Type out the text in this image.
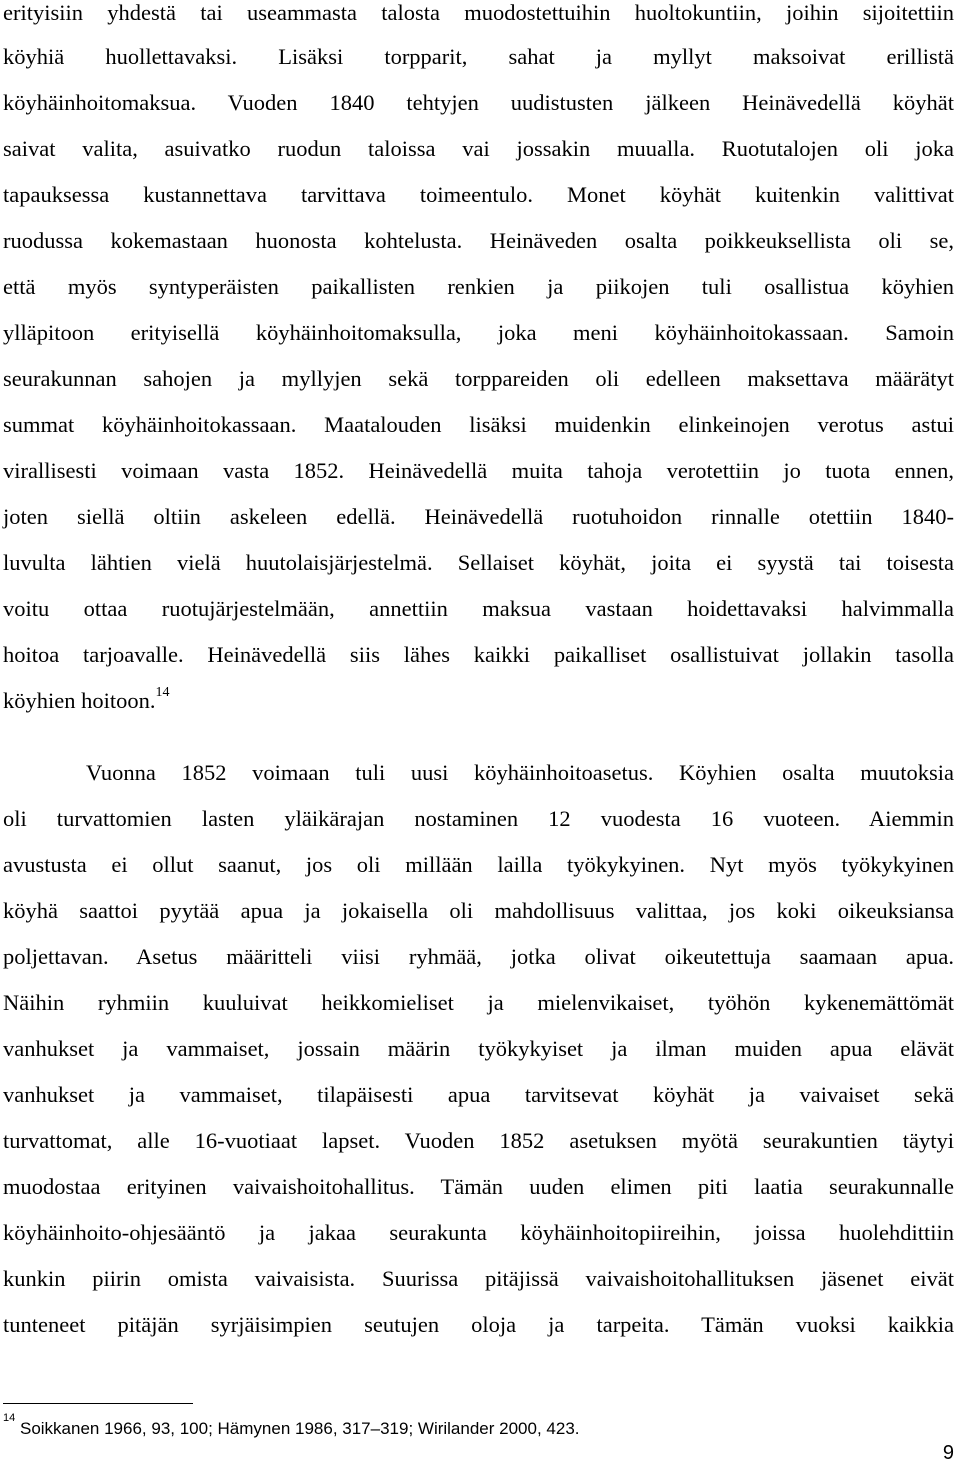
erityisiin yhdestä tai useammasta talosta muodostettuihin huoltokuntiin, joihin sijoitettiin
köyhiä huollettavaksi. Lisäksi torpparit, sahat ja myllyt maksoivat erillistä
köyhäinhoitomaksua. Vuoden 1840 tehtyjen uudistusten jälkeen Heinävedellä köyhät
saivat valita, asuivatko ruodun taloissa vai jossakin muualla. Ruotutalojen oli joka
tapauksessa kustannettava tarvittava toimeentulo. Monet köyhät kuitenkin valittivat
ruodussa kokemastaan huonosta kohtelusta. Heinäveden osalta poikkeuksellista oli se,
että myös syntyperäisten paikallisten renkien ja piikojen tuli osallistua köyhien
ylläpitoon erityisellä köyhäinhoitomaksulla, joka meni köyhäinhoitokassaan. Samoin
seurakunnan sahojen ja myllyjen sekä torppareiden oli edelleen maksettava määrätyt
summat köyhäinhoitokassaan. Maatalouden lisäksi muidenkin elinkeinojen verotus astui
virallisesti voimaan vasta 1852. Heinävedellä muita tahoja verotettiin jo tuota ennen,
joten siellä oltiin askeleen edellä. Heinävedellä ruotuhoidon rinnalle otettiin 1840-
luvulta lähtien vielä huutolaisjärjestelmä. Sellaiset köyhät, joita ei syystä tai toisesta
voitu ottaa ruotujärjestelmään, annettiin maksua vastaan hoidettavaksi halvimmalla
hoitoa tarjoavalle. Heinävedellä siis lähes kaikki paikalliset osallistuivat jollakin tasolla
köyhien hoitoon.$^{14}$
Vuonna 1852 voimaan tuli uusi köyhäinhoitoasetus. Köyhien osalta muutoksia
oli turvattomien lasten yläikärajan nostaminen 12 vuodesta 16 vuoteen. Aiemmin
avustusta ei ollut saanut, jos oli millään lailla työkykyinen. Nyt myös työkykyinen
köyhä saattoi pyytää apua ja jokaisella oli mahdollisuus valittaa, jos koki oikeuksiansa
poljettavan. Asetus määritteli viisi ryhmää, jotka olivat oikeutettuja saamaan apua.
Näihin ryhmiin kuuluivat heikkomieliset ja mielenvikaiset, työhön kykenemättömät
vanhukset ja vammaiset, jossain määrin työkykyiset ja ilman muiden apua elävät
vanhukset ja vammaiset, tilapäisesti apua tarvitsevat köyhät ja vaivaiset sekä
turvattomat, alle 16-vuotiaat lapset. Vuoden 1852 asetuksen myötä seurakuntien täytyi
muodostaa erityinen vaivaishoitohallitus. Tämän uuden elimen piti laatia seurakunnalle
köyhäinhoito-ohjesääntö ja jakaa seurakunta köyhäinhoitopiireihin, joissa huolehdittiin
kunkin piirin omista vaivaisista. Suurissa pitäjissä vaivaishoitohallituksen jäsenet eivät
tunteneet pitäjän syrjäisimpien seutujen oloja ja tarpeita. Tämän vuoksi kaikkia
$^{14}$ Soikkanen 1966, 93, 100; Hämynen 1986, 317–319; Wirilander 2000, 423.
9
